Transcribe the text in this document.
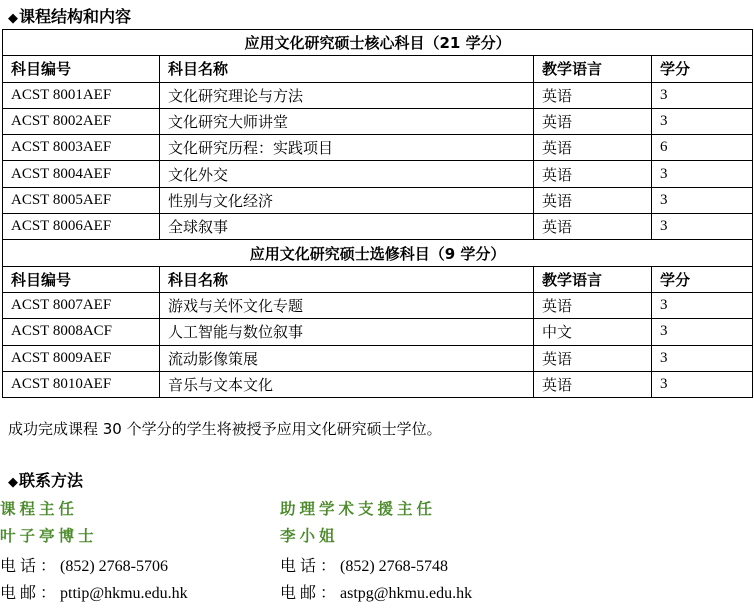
◆课程结构和内容
应用文化研究硕士核心科目（21 学分）			
科目编号	科目名称	教学语言	学分
ACST 8001AEF	文化研究理论与方法	英语	3
ACST 8002AEF	文化研究大师讲堂	英语	3
ACST 8003AEF	文化研究历程：实践项目	英语	6
ACST 8004AEF	文化外交	英语	3
ACST 8005AEF	性别与文化经济	英语	3
ACST 8006AEF	全球叙事	英语	3
应用文化研究硕士选修科目（9 学分）			
科目编号	科目名称	教学语言	学分
ACST 8007AEF	游戏与关怀文化专题	英语	3
ACST 8008ACF	人工智能与数位叙事	中文	3
ACST 8009AEF	流动影像策展	英语	3
ACST 8010AEF	音乐与文本文化	英语	3
成功完成课程 30 个学分的学生将被授予应用文化研究硕士学位。
◆联系方法
课程主任
叶子亭博士
电话：(852) 2768-5706
电邮：pttip@hkmu.edu.hk
助理学术支援主任
李小姐
电话：(852) 2768-5748
电邮：astpg@hkmu.edu.hk
